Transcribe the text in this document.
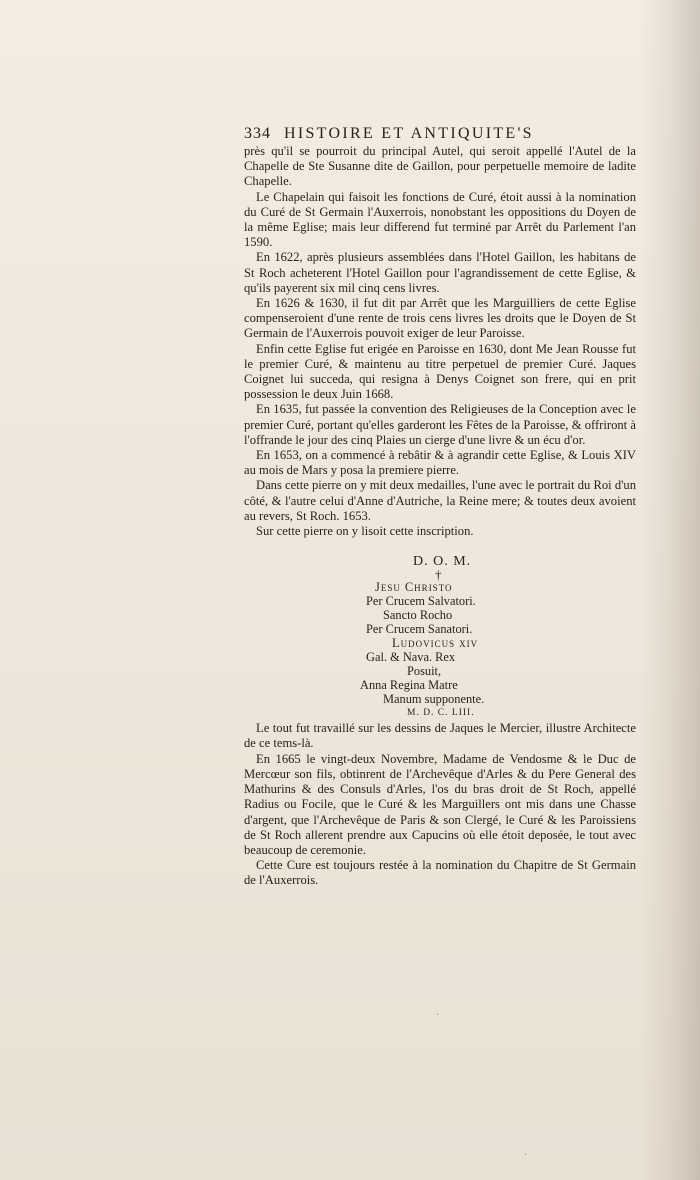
334 HISTOIRE ET ANTIQUITE'S

près qu'il se pourroit du principal Autel, qui seroit appellé l'Autel de la Chapelle de Ste Susanne dite de Gaillon, pour perpetuelle memoire de ladite Chapelle.

Le Chapelain qui faisoit les fonctions de Curé, étoit aussi à la nomination du Curé de St Germain l'Auxerrois, nonobstant les oppositions du Doyen de la même Eglise; mais leur differend fut terminé par Arrêt du Parlement l'an 1590.

En 1622, après plusieurs assemblées dans l'Hotel Gaillon, les habitans de St Roch acheterent l'Hotel Gaillon pour l'agrandissement de cette Eglise, & qu'ils payerent six mil cinq cens livres.

En 1626 & 1630, il fut dit par Arrêt que les Marguilliers de cette Eglise compenseroient d'une rente de trois cens livres les droits que le Doyen de St Germain de l'Auxerrois pouvoit exiger de leur Paroisse.

Enfin cette Eglise fut erigée en Paroisse en 1630, dont Me Jean Rousse fut le premier Curé, & maintenu au titre perpetuel de premier Curé. Jaques Coignet lui succeda, qui resigna à Denys Coignet son frere, qui en prit possession le deux Juin 1668.

En 1635, fut passée la convention des Religieuses de la Conception avec le premier Curé, portant qu'elles garderont les Fêtes de la Paroisse, & offriront à l'offrande le jour des cinq Plaies un cierge d'une livre & un écu d'or.

En 1653, on a commencé à rebâtir & à agrandir cette Eglise, & Louis XIV au mois de Mars y posa la premiere pierre.

Dans cette pierre on y mit deux medailles, l'une avec le portrait du Roi d'un côté, & l'autre celui d'Anne d'Autriche, la Reine mere; & toutes deux avoient au revers, St Roch. 1653.

Sur cette pierre on y lisoit cette inscription.

D. O. M.
†
Jesu Christo
Per Crucem Salvatori.
Sancto Rocho
Per Crucem Sanatori.
Ludovicus xiv
Gal. & Nava. Rex
Posuit,
Anna Regina Matre
Manum supponente.
M. D. C. LIII.

Le tout fut travaillé sur les dessins de Jaques le Mercier, illustre Architecte de ce tems-là.

En 1665 le vingt-deux Novembre, Madame de Vendosme & le Duc de Mercœur son fils, obtinrent de l'Archevêque d'Arles & du Pere General des Mathurins & des Consuls d'Arles, l'os du bras droit de St Roch, appellé Radius ou Focile, que le Curé & les Marguillers ont mis dans une Chasse d'argent, que l'Archevêque de Paris & son Clergé, le Curé & les Paroissiens de St Roch allerent prendre aux Capucins où elle étoit deposée, le tout avec beaucoup de ceremonie.

Cette Cure est toujours restée à la nomination du Chapitre de St Germain de l'Auxerrois.

·
·
